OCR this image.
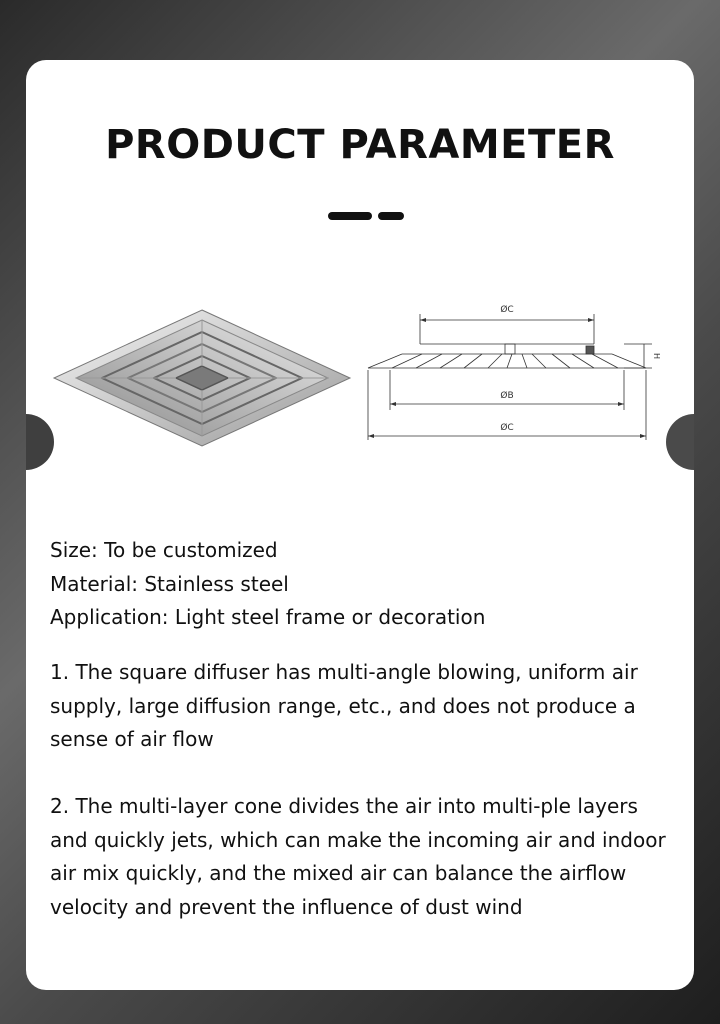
PRODUCT PARAMETER
ØC
ØB
ØC
H
Size: To be customized
Material: Stainless steel
Application: Light steel frame or decoration
1. The square diffuser has multi-angle blowing, uniform air supply, large diffusion range, etc., and does not produce a sense of air flow
2. The multi-layer cone divides the air into multi-ple layers and quickly jets, which can make the incoming air and indoor air mix quickly, and the mixed air can balance the airflow velocity and prevent the influence of dust wind
